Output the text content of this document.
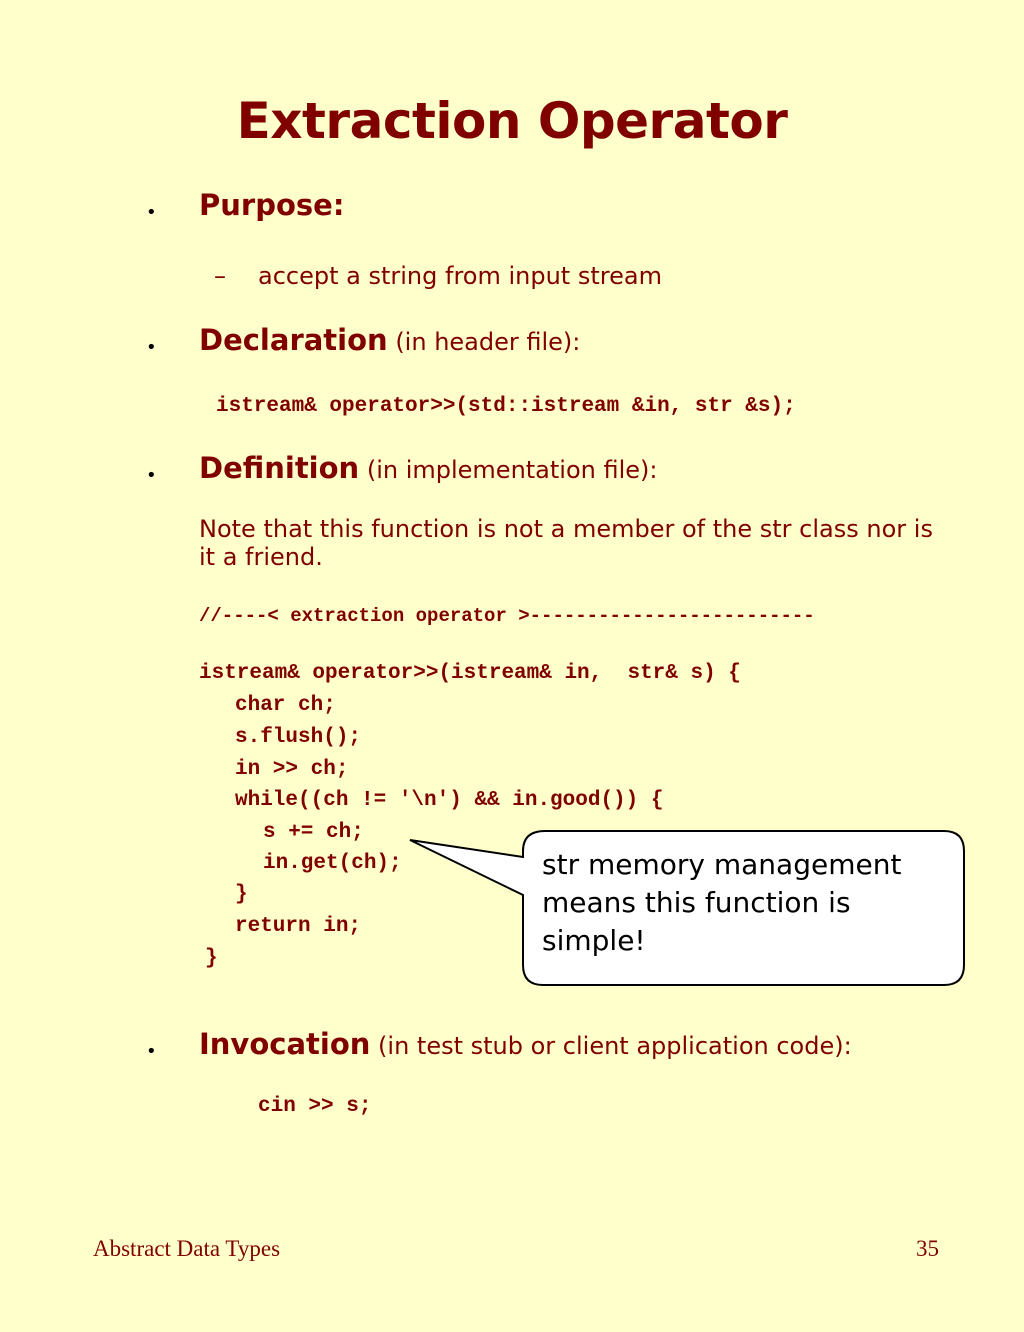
Extraction Operator
• Purpose:
– accept a string from input stream
• Declaration (in header file):
istream& operator>>(std::istream &in, str &s);
• Definition (in implementation file):
Note that this function is not a member of the str class nor is
it a friend.
//----< extraction operator >-------------------------
istream& operator>>(istream& in,  str& s) {
char ch;
s.flush();
in >> ch;
while((ch != '\n') && in.good()) {
s += ch;
in.get(ch);
}
return in;
}
str memory management
means this function is
simple!
• Invocation (in test stub or client application code):
cin >> s;
Abstract Data Types	35
